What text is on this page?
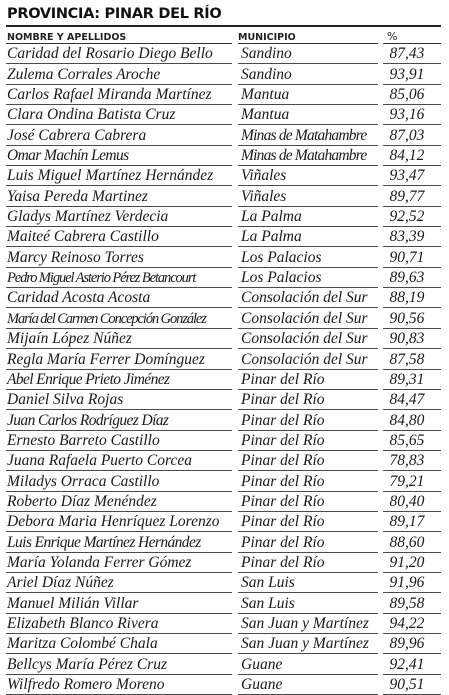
PROVINCIA: PINAR DEL RÍO
NOMBRE Y APELLIDOS	MUNICIPIO	%
Caridad del Rosario Diego Bello	Sandino	87,43
Zulema Corrales Aroche	Sandino	93,91
Carlos Rafael Miranda Martínez	Mantua	85,06
Clara Ondina Batista Cruz	Mantua	93,16
José Cabrera Cabrera	Minas de Matahambre	87,03
Omar Machín Lemus	Minas de Matahambre	84,12
Luis Miguel Martínez Hernández	Viñales	93,47
Yaisa Pereda Martinez	Viñales	89,77
Gladys Martínez Verdecia	La Palma	92,52
Maiteé Cabrera Castillo	La Palma	83,39
Marcy Reinoso Torres	Los Palacios	90,71
Pedro Miguel Asterio Pérez Betancourt	Los Palacios	89,63
Caridad Acosta Acosta	Consolación del Sur	88,19
María del Carmen Concepción González	Consolación del Sur	90,56
Mijaín López Núñez	Consolación del Sur	90,83
Regla María Ferrer Domínguez	Consolación del Sur	87,58
Abel Enrique Prieto Jiménez	Pinar del Río	89,31
Daniel Silva Rojas	Pinar del Río	84,47
Juan Carlos Rodríguez Díaz	Pinar del Río	84,80
Ernesto Barreto Castillo	Pinar del Río	85,65
Juana Rafaela Puerto Corcea	Pinar del Río	78,83
Miladys Orraca Castillo	Pinar del Río	79,21
Roberto Díaz Menéndez	Pinar del Río	80,40
Debora Maria Henríquez Lorenzo	Pinar del Río	89,17
Luis Enrique Martínez Hernández	Pinar del Río	88,60
María Yolanda Ferrer Gómez	Pinar del Río	91,20
Ariel Díaz Núñez	San Luis	91,96
Manuel Milián Villar	San Luis	89,58
Elizabeth Blanco Rivera	San Juan y Martínez	94,22
Maritza Colombé Chala	San Juan y Martínez	89,96
Bellcys María Pérez Cruz	Guane	92,41
Wilfredo Romero Moreno	Guane	90,51
